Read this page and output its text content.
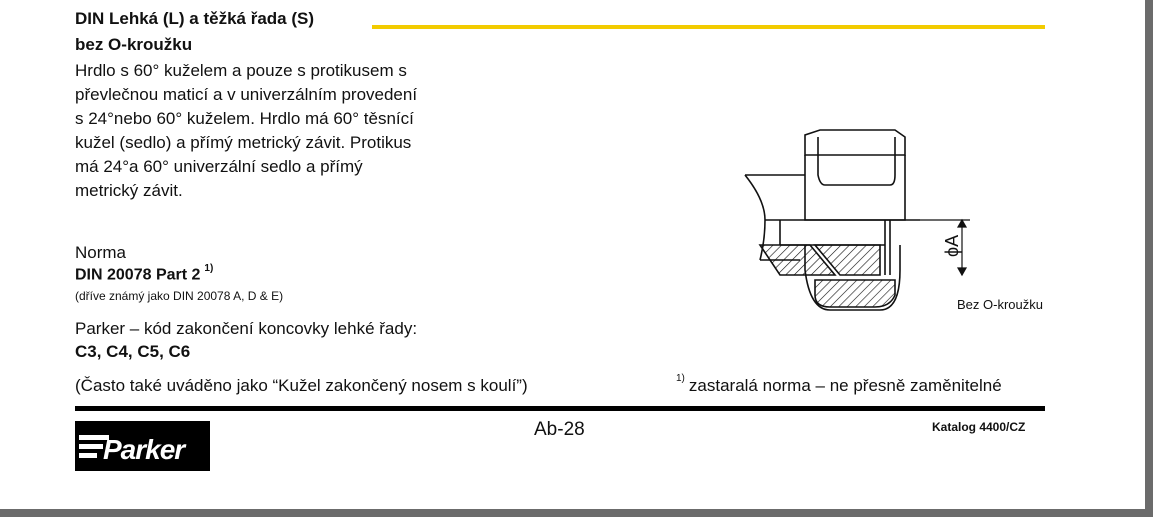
DIN Lehká (L) a těžká řada (S)
bez O-kroužku
Hrdlo s 60° kuželem a pouze s protikusem s
převlečnou maticí a v univerzálním provedení
s 24°nebo 60° kuželem. Hrdlo má 60° těsnící
kužel (sedlo) a přímý metrický závit. Protikus
má 24°a 60° univerzální sedlo a přímý
metrický závit.
Norma
DIN 20078 Part 2 $^{1)}$
(dříve známý jako DIN 20078 A, D & E)
Parker – kód zakončení koncovky lehké řady:
C3, C4, C5, C6
(Často také uváděno jako “Kužel zakončený nosem s koulí”)	$^{1)}$ zastaralá norma – ne přesně zaměnitelné
ϕA
Bez O-kroužku
Parker
Ab-28	Katalog 4400/CZ
